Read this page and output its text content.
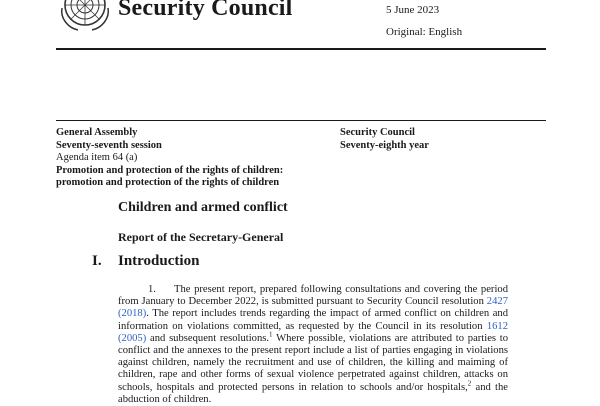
Security Council	5 June 2023
Original: English
General Assembly
Seventy-seventh session
Agenda item 64 (a)
Promotion and protection of the rights of children:
promotion and protection of the rights of children
Security Council
Seventy-eighth year
Children and armed conflict
Report of the Secretary-General
I. Introduction
1. The present report, prepared following consultations and covering the period from January to December 2022, is submitted pursuant to Security Council resolution 2427 (2018). The report includes trends regarding the impact of armed conflict on children and information on violations committed, as requested by the Council in its resolution 1612 (2005) and subsequent resolutions.$^1$ Where possible, violations are attributed to parties to conflict and the annexes to the present report include a list of parties engaging in violations against children, namely the recruitment and use of children, the killing and maiming of children, rape and other forms of sexual violence perpetrated against children, attacks on schools, hospitals and protected persons in relation to schools and/or hospitals,$^2$ and the abduction of children.
